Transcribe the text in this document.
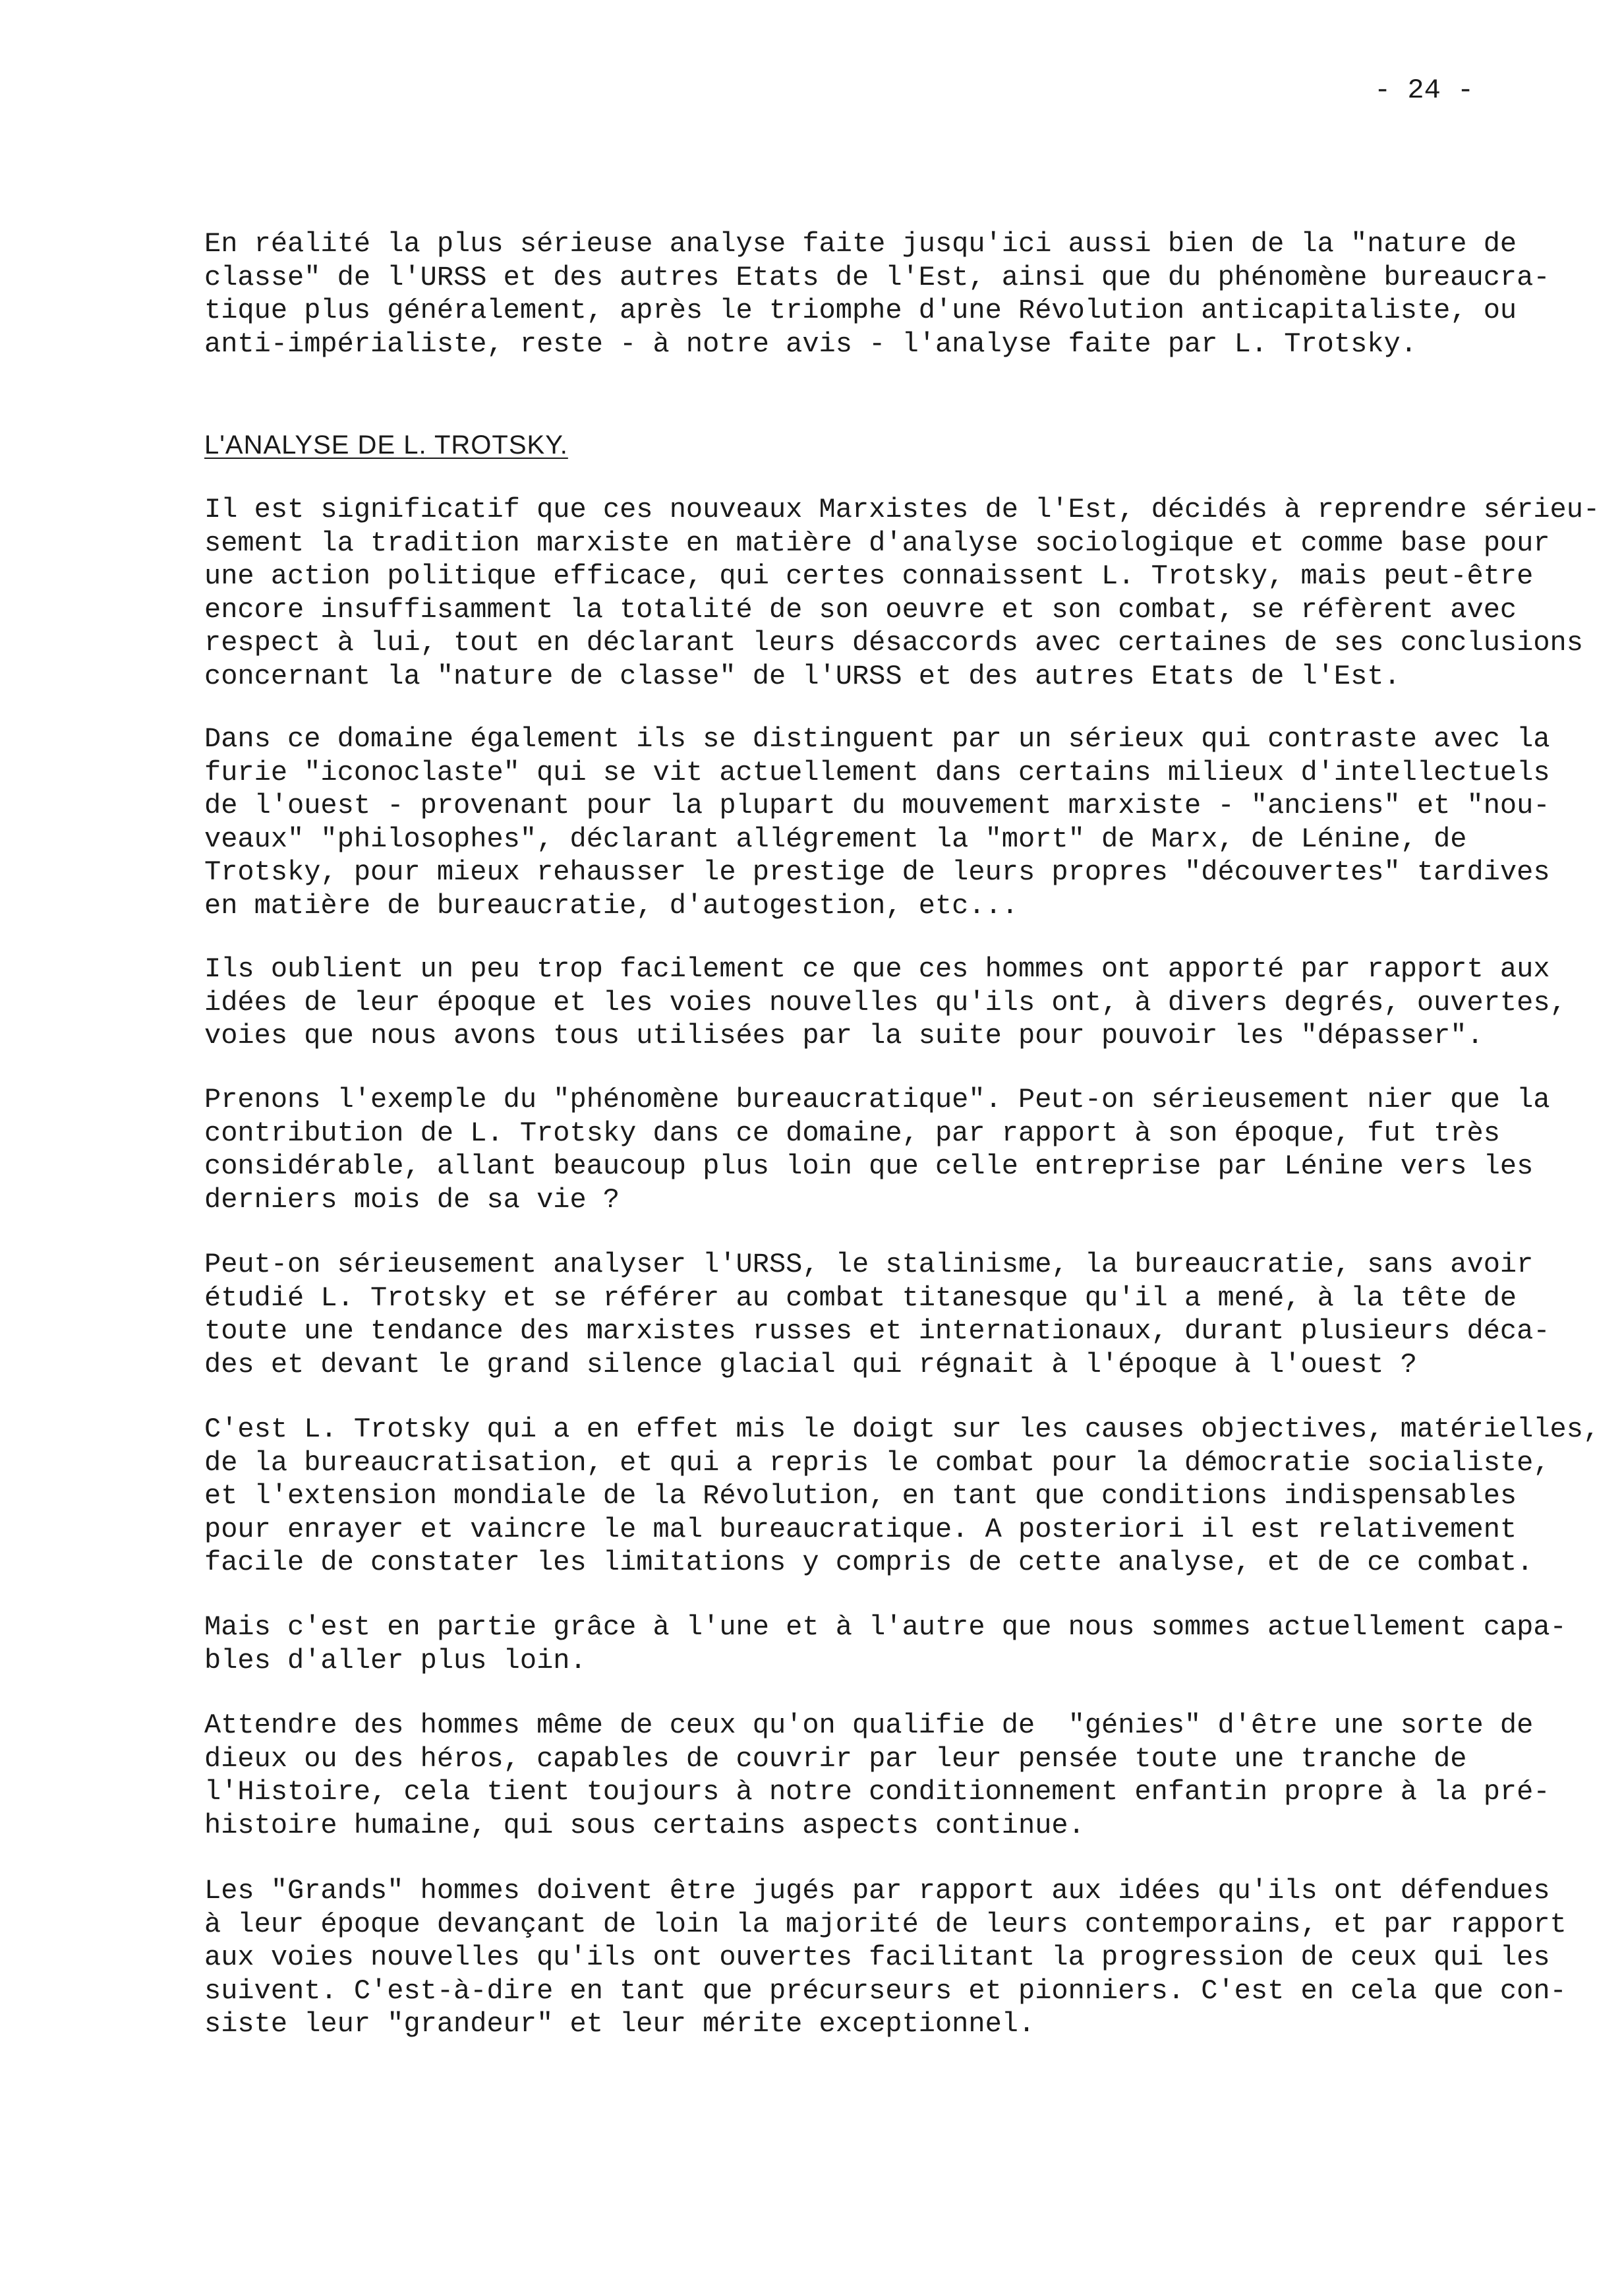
- 24 -
En réalité la plus sérieuse analyse faite jusqu'ici aussi bien de la "nature de
classe" de l'URSS et des autres Etats de l'Est, ainsi que du phénomène bureaucra-
tique plus généralement, après le triomphe d'une Révolution anticapitaliste, ou
anti-impérialiste, reste - à notre avis - l'analyse faite par L. Trotsky.
L'ANALYSE DE L. TROTSKY.
Il est significatif que ces nouveaux Marxistes de l'Est, décidés à reprendre sérieu-
sement la tradition marxiste en matière d'analyse sociologique et comme base pour
une action politique efficace, qui certes connaissent L. Trotsky, mais peut-être
encore insuffisamment la totalité de son oeuvre et son combat, se réfèrent avec
respect à lui, tout en déclarant leurs désaccords avec certaines de ses conclusions
concernant la "nature de classe" de l'URSS et des autres Etats de l'Est.
Dans ce domaine également ils se distinguent par un sérieux qui contraste avec la
furie "iconoclaste" qui se vit actuellement dans certains milieux d'intellectuels
de l'ouest - provenant pour la plupart du mouvement marxiste - "anciens" et "nou-
veaux" "philosophes", déclarant allégrement la "mort" de Marx, de Lénine, de
Trotsky, pour mieux rehausser le prestige de leurs propres "découvertes" tardives
en matière de bureaucratie, d'autogestion, etc...
Ils oublient un peu trop facilement ce que ces hommes ont apporté par rapport aux
idées de leur époque et les voies nouvelles qu'ils ont, à divers degrés, ouvertes,
voies que nous avons tous utilisées par la suite pour pouvoir les "dépasser".
Prenons l'exemple du "phénomène bureaucratique". Peut-on sérieusement nier que la
contribution de L. Trotsky dans ce domaine, par rapport à son époque, fut très
considérable, allant beaucoup plus loin que celle entreprise par Lénine vers les
derniers mois de sa vie ?
Peut-on sérieusement analyser l'URSS, le stalinisme, la bureaucratie, sans avoir
étudié L. Trotsky et se référer au combat titanesque qu'il a mené, à la tête de
toute une tendance des marxistes russes et internationaux, durant plusieurs déca-
des et devant le grand silence glacial qui régnait à l'époque à l'ouest ?
C'est L. Trotsky qui a en effet mis le doigt sur les causes objectives, matérielles,
de la bureaucratisation, et qui a repris le combat pour la démocratie socialiste,
et l'extension mondiale de la Révolution, en tant que conditions indispensables
pour enrayer et vaincre le mal bureaucratique. A posteriori il est relativement
facile de constater les limitations y compris de cette analyse, et de ce combat.
Mais c'est en partie grâce à l'une et à l'autre que nous sommes actuellement capa-
bles d'aller plus loin.
Attendre des hommes même de ceux qu'on qualifie de  "génies" d'être une sorte de
dieux ou des héros, capables de couvrir par leur pensée toute une tranche de
l'Histoire, cela tient toujours à notre conditionnement enfantin propre à la pré-
histoire humaine, qui sous certains aspects continue.
Les "Grands" hommes doivent être jugés par rapport aux idées qu'ils ont défendues
à leur époque devançant de loin la majorité de leurs contemporains, et par rapport
aux voies nouvelles qu'ils ont ouvertes facilitant la progression de ceux qui les
suivent. C'est-à-dire en tant que précurseurs et pionniers. C'est en cela que con-
siste leur "grandeur" et leur mérite exceptionnel.
